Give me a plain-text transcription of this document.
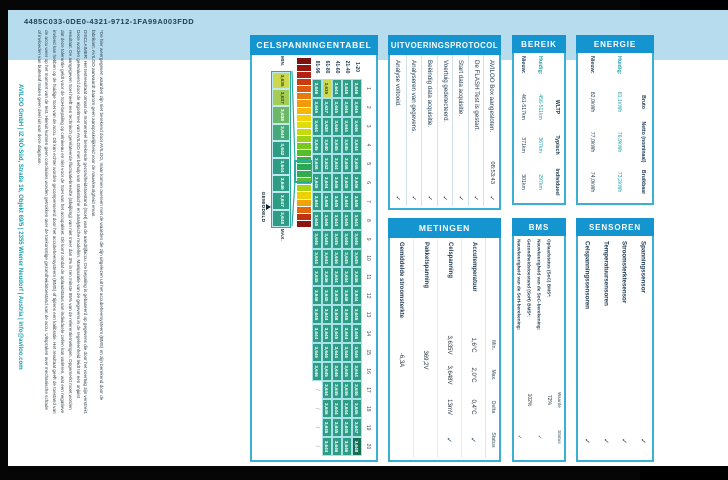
4485C033-0DE0-4321-9712-1FA99A003FDD
*De hier weergegeven waarden zijn niet berekend door AVILOO, maar komen overeen met de waarden die zijn uitgelezen uit het accubeheersysteem (BMS) en zijn berekend door de
fabrikant. AVILOO aanvaardt daarom geen aansprakelijkheid voor de nauwkeurigheid ervan.
DISCLAIMER: Het testresultaat omvat de momenteel berekende gezondheidstoestand (SoH) van de aandrijfaccu. De bepaling is gebaseerd op gegevens die door het voertuig zijn verstrekt.
Deze worden geëvalueerd door de algoritmen van AVILOO met behulp van statistische en analytische modellen. Manipulatie van de gegevens in de regeleenheid leidt tot een onjuist
resultaat. De aangegeven SoH heeft een technisch gerelateerde fluctuatiebreedte (afwijking) van niet meer dan 3% in ten minste 95% van de referentiemetingen. Opgemerkt moet worden
dat deze tolerantie geldt voor de SoH-bepaling op celniveau en niet voor de SoH van het accupakket. Dit komt omdat de oplaadstatus van individuele cellen kan variëren, wat een negatieve
invloed kan hebben op de huidige SoH van de accu. Dit kan echter worden gecompenseerd door het accubeheersysteem (BMS) of tijdens een kalibratie. Het resultaat geeft de toestand van
de accu weer op het moment van de test. Hieruit kunnen geen conclusies worden getrokken over de toekomstige gezondheidstoestand van de accu. Uitspraken over mechanische schade
of invloeden van buitenaf maken geen deel uit van deze diagnose.
AVILOO GmbH | IZ NÖ-Süd, Straße 16, Objekt 69/5 | 2355 Wiener Neudorf | Austria | info@aviloo.com
CELSPANNINGENTABEL
MIN.
3,635
3,637
3,638
3,640
3,642
3,644
3,646
3,647
3,648
MAX.
GEMIDDELD
1
2
3
4
5
6
7
8
9
10
11
12
13
14
15
16
17
18
19
20
1-20
3,646
3,645
3,646
3,644
3,645
3,646
3,645
3,644
3,646
3,645
3,646
3,644
3,645
3,646
3,645
3,644
3,646
3,645
3,647
3,648
21-40
3,645
3,646
3,644
3,645
3,646
3,645
3,644
3,645
3,646
3,645
3,644
3,646
3,645
3,644
3,646
3,645
3,646
3,644
3,645
3,646
41-60
3,644
3,645
3,646
3,645
3,644
3,646
3,645
3,644
3,645
3,646
3,644
3,645
3,646
3,645
3,644
3,646
3,645
3,644
3,645
3,646
61-80
3,635
3,637
3,638
3,640
3,642
3,644
3,645
3,646
3,645
3,644
3,646
3,645
3,644
3,645
3,646
3,645
3,644
3,646
3,645
3,644
81-96
3,646
3,645
3,644
3,645
3,646
3,645
3,644
3,645
3,646
3,644
3,645
3,646
3,645
3,644
3,645
3,646
/
/
/
/
UITVOERINGSPROTOCOL
AVILOO Box aangesloten.
08:53:43
✓
De FLASH Test is gestart.
✓
Start data acquisitie.
✓
Voertuig gedetecteerd.
✓
Beëindig data acquisitie.
✓
Analyseren van gegevens.
✓
Analyse voltooid.
✓
BEREIK
WLTP
Typisch
Individueel
Huidig:
456-511km
367km
297km
Nieuw:
461-517km
371km
301km
ENERGIE
Bruto
Netto (nominaal)
Bruikbaar
Huidig:
81,1kWh
76,9kWh
73,2kWh
Nieuw:
82,0kWh
77,0kWh
74,0kWh
METINGEN
Min.
Max.
Delta
Status
Accutemperatuur
1,6°C
2,0°C
0,4°C
✓
Celspanning
3,635V
3,648V
13mV
✓
Pakketspanning
369,2V
Gemiddelde stroomsterkte
-6,3A
BMS
Waarde
Status
Oplaadstatus (SoC) BMS*:
72%
Nauwkeurigheid van de SoC-berekening:
✓
Gezondheidstoestand (SoH) BMS*:
102%
Nauwkeurigheid van de SoH-berekening:
✓
SENSOREN
Spanningssensor
✓
Stroomsterktesensor
✓
Temperatuursensoren
✓
Celspanningssensoren
✓
